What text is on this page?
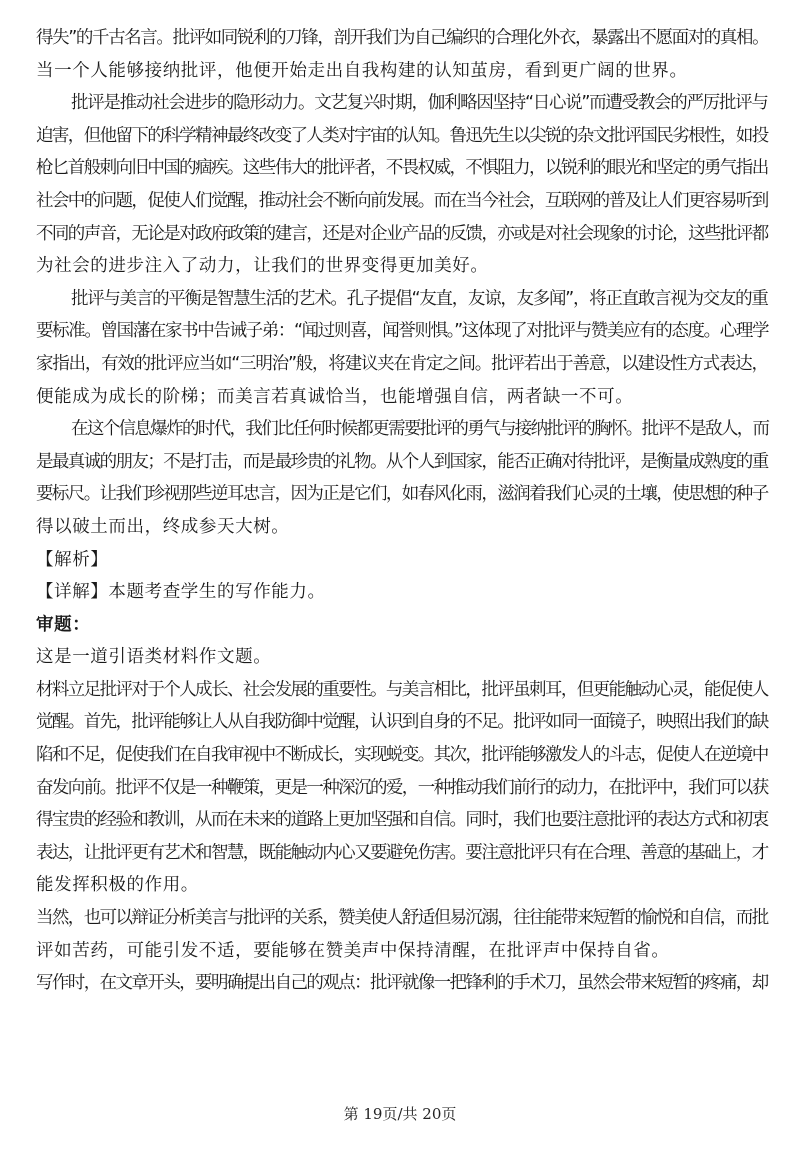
得失”的千古名言。批评如同锐利的刀锋，剖开我们为自己编织的合理化外衣，暴露出不愿面对的真相。
当一个人能够接纳批评，他便开始走出自我构建的认知茧房，看到更广阔的世界。
批评是推动社会进步的隐形动力。文艺复兴时期，伽利略因坚持“日心说”而遭受教会的严厉批评与
迫害，但他留下的科学精神最终改变了人类对宇宙的认知。鲁迅先生以尖锐的杂文批评国民劣根性，如投
枪匕首般刺向旧中国的痼疾。这些伟大的批评者，不畏权威，不惧阻力，以锐利的眼光和坚定的勇气指出
社会中的问题，促使人们觉醒，推动社会不断向前发展。而在当今社会，互联网的普及让人们更容易听到
不同的声音，无论是对政府政策的建言，还是对企业产品的反馈，亦或是对社会现象的讨论，这些批评都
为社会的进步注入了动力，让我们的世界变得更加美好。
批评与美言的平衡是智慧生活的艺术。孔子提倡“友直，友谅，友多闻”，将正直敢言视为交友的重
要标准。曾国藩在家书中告诫子弟：“闻过则喜，闻誉则惧。”这体现了对批评与赞美应有的态度。心理学
家指出，有效的批评应当如“三明治”般，将建议夹在肯定之间。批评若出于善意，以建设性方式表达，
便能成为成长的阶梯；而美言若真诚恰当，也能增强自信，两者缺一不可。
在这个信息爆炸的时代，我们比任何时候都更需要批评的勇气与接纳批评的胸怀。批评不是敌人，而
是最真诚的朋友；不是打击，而是最珍贵的礼物。从个人到国家，能否正确对待批评，是衡量成熟度的重
要标尺。让我们珍视那些逆耳忠言，因为正是它们，如春风化雨，滋润着我们心灵的土壤，使思想的种子
得以破土而出，终成参天大树。
【解析】
【详解】本题考查学生的写作能力。
审题：
这是一道引语类材料作文题。
材料立足批评对于个人成长、社会发展的重要性。与美言相比，批评虽刺耳，但更能触动心灵，能促使人
觉醒。首先，批评能够让人从自我防御中觉醒，认识到自身的不足。批评如同一面镜子，映照出我们的缺
陷和不足，促使我们在自我审视中不断成长，实现蜕变。其次，批评能够激发人的斗志，促使人在逆境中
奋发向前。批评不仅是一种鞭策，更是一种深沉的爱，一种推动我们前行的动力，在批评中，我们可以获
得宝贵的经验和教训，从而在未来的道路上更加坚强和自信。同时，我们也要注意批评的表达方式和初衷
表达，让批评更有艺术和智慧，既能触动内心又要避免伤害。要注意批评只有在合理、善意的基础上，才
能发挥积极的作用。
当然，也可以辩证分析美言与批评的关系，赞美使人舒适但易沉溺，往往能带来短暂的愉悦和自信，而批
评如苦药，可能引发不适，要能够在赞美声中保持清醒，在批评声中保持自省。
写作时，在文章开头，要明确提出自己的观点：批评就像一把锋利的手术刀，虽然会带来短暂的疼痛，却
第 19页/共 20页
